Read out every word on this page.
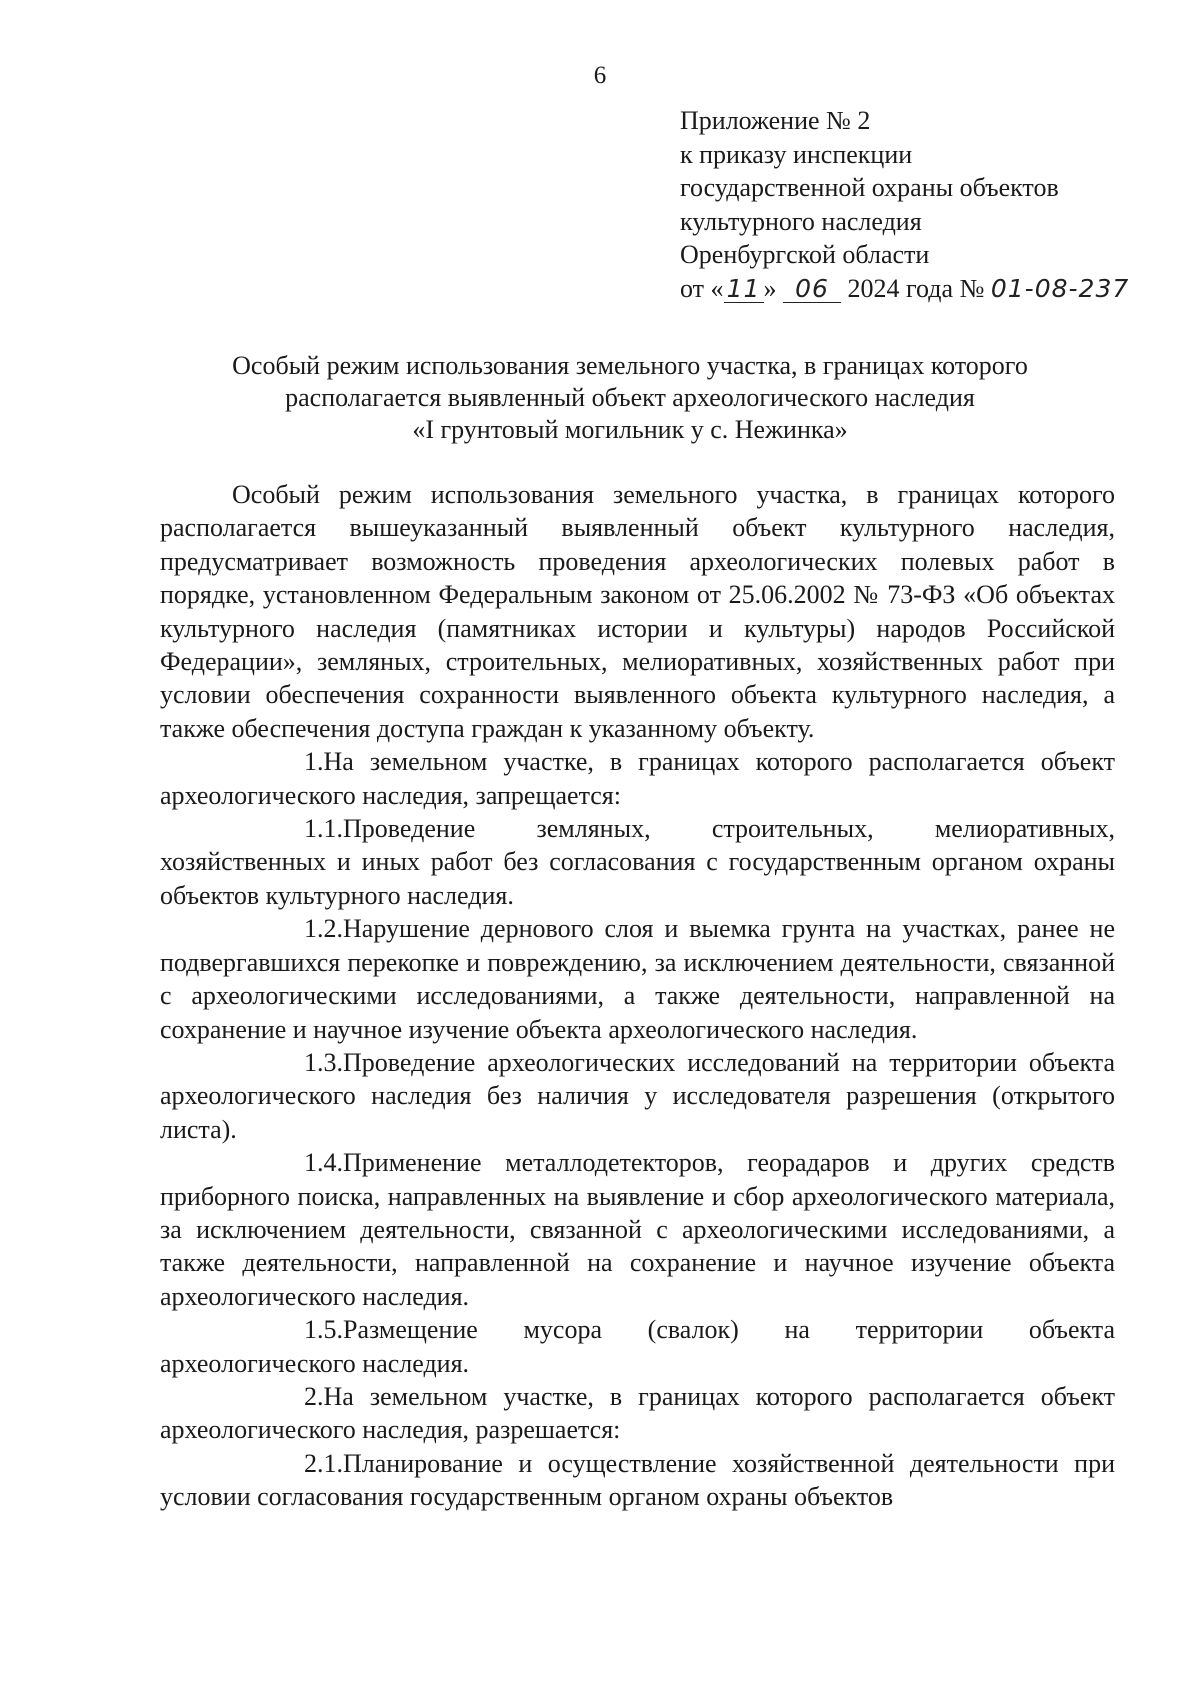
6
Приложение № 2
к приказу инспекции
государственной охраны объектов
культурного наследия
Оренбургской области
от « 11 » 06 2024 года № 01-08-237
Особый режим использования земельного участка, в границах которого
располагается выявленный объект археологического наследия
«I грунтовый могильник у с. Нежинка»

Особый режим использования земельного участка, в границах которого располагается вышеуказанный выявленный объект культурного наследия, предусматривает возможность проведения археологических полевых работ в порядке, установленном Федеральным законом от 25.06.2002 № 73-ФЗ «Об объектах культурного наследия (памятниках истории и культуры) народов Российской Федерации», земляных, строительных, мелиоративных, хозяйственных работ при условии обеспечения сохранности выявленного объекта культурного наследия, а также обеспечения доступа граждан к указанному объекту.

1.На земельном участке, в границах которого располагается объект археологического наследия, запрещается:

1.1.Проведение земляных, строительных, мелиоративных, хозяйственных и иных работ без согласования с государственным органом охраны объектов культурного наследия.

1.2.Нарушение дернового слоя и выемка грунта на участках, ранее не подвергавшихся перекопке и повреждению, за исключением деятельности, связанной с археологическими исследованиями, а также деятельности, направленной на сохранение и научное изучение объекта археологического наследия.

1.3.Проведение археологических исследований на территории объекта археологического наследия без наличия у исследователя разрешения (открытого листа).

1.4.Применение металлодетекторов, георадаров и других средств приборного поиска, направленных на выявление и сбор археологического материала, за исключением деятельности, связанной с археологическими исследованиями, а также деятельности, направленной на сохранение и научное изучение объекта археологического наследия.

1.5.Размещение мусора (свалок) на территории объекта археологического наследия.

2.На земельном участке, в границах которого располагается объект археологического наследия, разрешается:

2.1.Планирование и осуществление хозяйственной деятельности при условии согласования государственным органом охраны объектов
